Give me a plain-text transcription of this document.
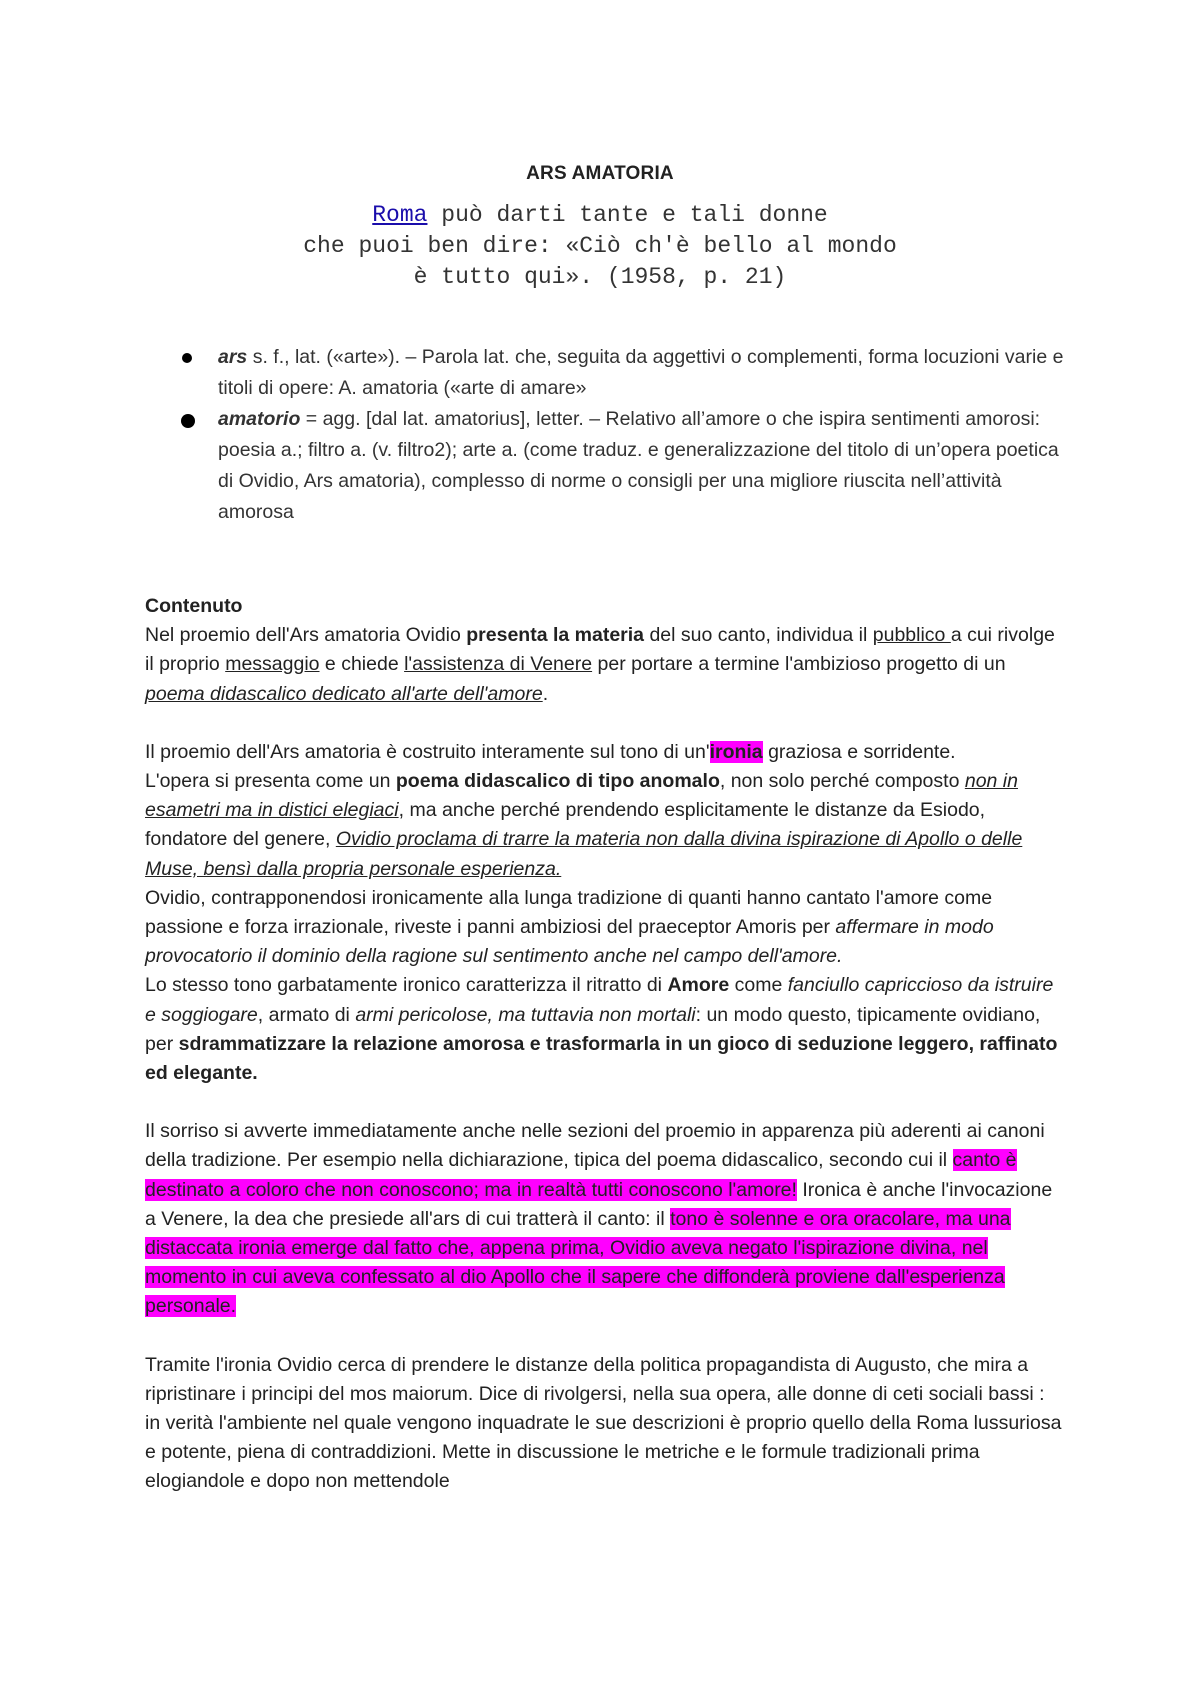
ARS AMATORIA
Roma può darti tante e tali donne
che puoi ben dire: «Ciò ch'è bello al mondo
è tutto qui». (1958, p. 21)
ars s. f., lat. («arte»). – Parola lat. che, seguita da aggettivi o complementi, forma locuzioni varie e titoli di opere: A. amatoria («arte di amare»
amatorio = agg. [dal lat. amatorius], letter. – Relativo all’amore o che ispira sentimenti amorosi: poesia a.; filtro a. (v. filtro2); arte a. (come traduz. e generalizzazione del titolo di un’opera poetica di Ovidio, Ars amatoria), complesso di norme o consigli per una migliore riuscita nell’attività amorosa
Contenuto

Nel proemio dell'Ars amatoria Ovidio presenta la materia del suo canto, individua il pubblico a cui rivolge il proprio messaggio e chiede l'assistenza di Venere per portare a termine l'ambizioso progetto di un poema didascalico dedicato all'arte dell'amore.

Il proemio dell'Ars amatoria è costruito interamente sul tono di un'ironia graziosa e sorridente.
L'opera si presenta come un poema didascalico di tipo anomalo, non solo perché composto non in esametri ma in distici elegiaci, ma anche perché prendendo esplicitamente le distanze da Esiodo, fondatore del genere, Ovidio proclama di trarre la materia non dalla divina ispirazione di Apollo o delle Muse, bensì dalla propria personale esperienza.
Ovidio, contrapponendosi ironicamente alla lunga tradizione di quanti hanno cantato l'amore come passione e forza irrazionale, riveste i panni ambiziosi del praeceptor Amoris per affermare in modo provocatorio il dominio della ragione sul sentimento anche nel campo dell'amore.
Lo stesso tono garbatamente ironico caratterizza il ritratto di Amore come fanciullo capriccioso da istruire e soggiogare, armato di armi pericolose, ma tuttavia non mortali: un modo questo, tipicamente ovidiano, per sdrammatizzare la relazione amorosa e trasformarla in un gioco di seduzione leggero, raffinato ed elegante.

Il sorriso si avverte immediatamente anche nelle sezioni del proemio in apparenza più aderenti ai canoni della tradizione. Per esempio nella dichiarazione, tipica del poema didascalico, secondo cui il canto è destinato a coloro che non conoscono; ma in realtà tutti conoscono l'amore! Ironica è anche l'invocazione a Venere, la dea che presiede all'ars di cui tratterà il canto: il tono è solenne e ora oracolare, ma una distaccata ironia emerge dal fatto che, appena prima, Ovidio aveva negato l'ispirazione divina, nel momento in cui aveva confessato al dio Apollo che il sapere che diffonderà proviene dall'esperienza personale.

Tramite l'ironia Ovidio cerca di prendere le distanze della politica propagandista di Augusto, che mira a ripristinare i principi del mos maiorum. Dice di rivolgersi, nella sua opera, alle donne di ceti sociali bassi : in verità l'ambiente nel quale vengono inquadrate le sue descrizioni è proprio quello della Roma lussuriosa e potente, piena di contraddizioni. Mette in discussione le metriche e le formule tradizionali prima elogiandole e dopo non mettendole
